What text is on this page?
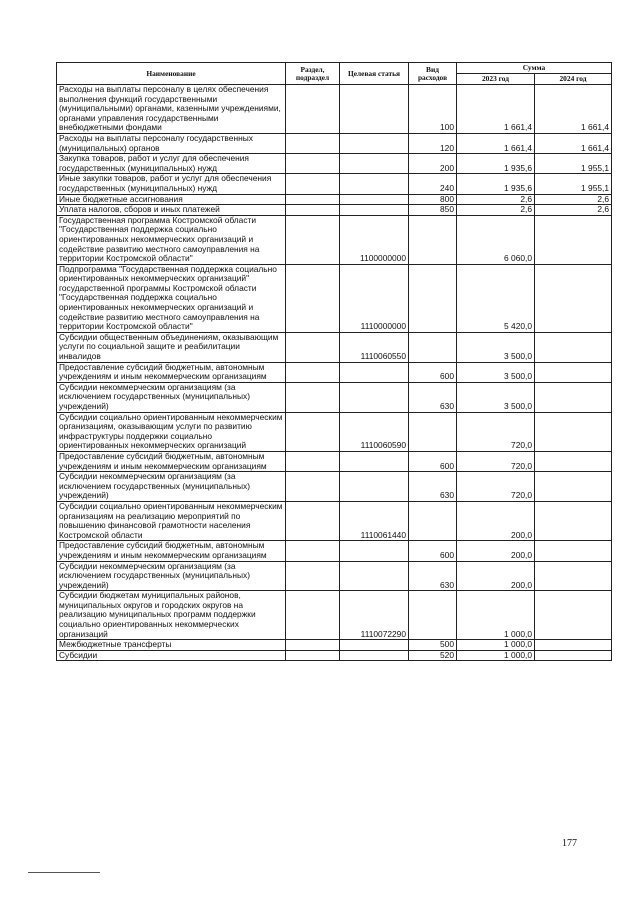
Наименование	Раздел, подраздел	Целевая статья	Вид расходов	Сумма	
				2023 год	2024 год
Расходы на выплаты персоналу в целях обеспечения выполнения функций государственными (муниципальными) органами, казенными учреждениями, органами управления государственными внебюджетными фондами			100	1 661,4	1 661,4
Расходы на выплаты персоналу государственных (муниципальных) органов			120	1 661,4	1 661,4
Закупка товаров, работ и услуг для обеспечения государственных (муниципальных) нужд			200	1 935,6	1 955,1
Иные закупки товаров, работ и услуг для обеспечения государственных (муниципальных) нужд			240	1 935,6	1 955,1
Иные бюджетные ассигнования			800	2,6	2,6
Уплата налогов, сборов и иных платежей			850	2,6	2,6
Государственная программа Костромской области "Государственная поддержка социально ориентированных некоммерческих организаций и содействие развитию местного самоуправления на территории Костромской области"		1100000000		6 060,0	
Подпрограмма "Государственная поддержка социально ориентированных некоммерческих организаций" государственной программы Костромской области "Государственная поддержка социально ориентированных некоммерческих организаций и содействие развитию местного самоуправления на территории Костромской области"		1110000000		5 420,0	
Субсидии общественным объединениям, оказывающим услуги по социальной защите и реабилитации инвалидов		1110060550		3 500,0	
Предоставление субсидий бюджетным, автономным учреждениям и иным некоммерческим организациям			600	3 500,0	
Субсидии некоммерческим организациям (за исключением государственных (муниципальных) учреждений)			630	3 500,0	
Субсидии социально ориентированным некоммерческим организациям, оказывающим услуги по развитию инфраструктуры поддержки социально ориентированных некоммерческих организаций		1110060590		720,0	
Предоставление субсидий бюджетным, автономным учреждениям и иным некоммерческим организациям			600	720,0	
Субсидии некоммерческим организациям (за исключением государственных (муниципальных) учреждений)			630	720,0	
Субсидии социально ориентированным некоммерческим организациям на реализацию мероприятий по повышению финансовой грамотности населения Костромской области		1110061440		200,0	
Предоставление субсидий бюджетным, автономным учреждениям и иным некоммерческим организациям			600	200,0	
Субсидии некоммерческим организациям (за исключением государственных (муниципальных) учреждений)			630	200,0	
Субсидии бюджетам муниципальных районов, муниципальных округов и городских округов на реализацию муниципальных программ поддержки социально ориентированных некоммерческих организаций		1110072290		1 000,0	
Межбюджетные трансферты			500	1 000,0	
Субсидии			520	1 000,0	
177
